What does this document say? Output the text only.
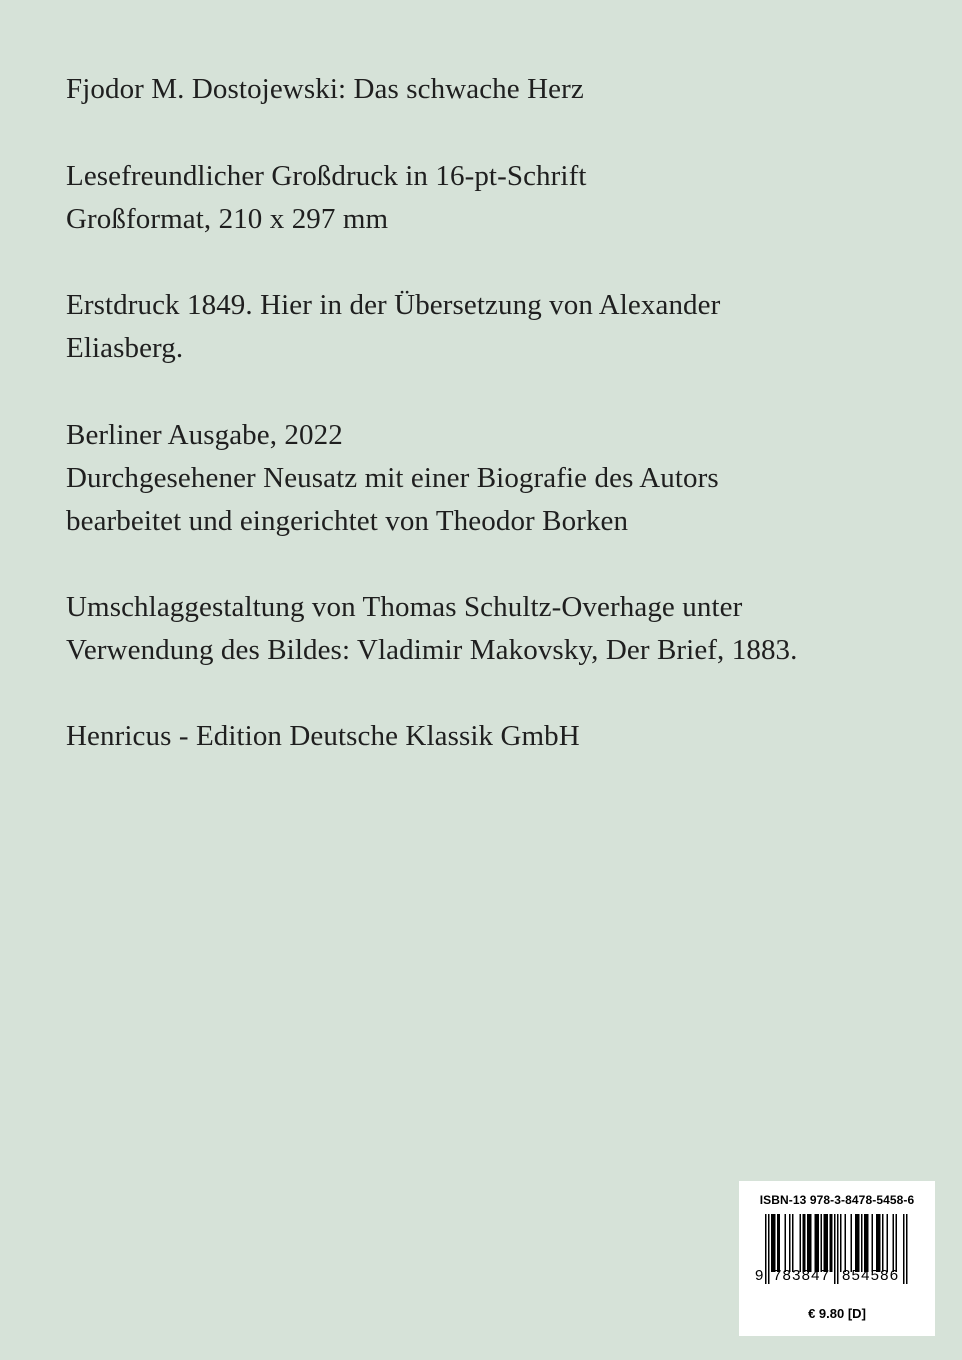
Fjodor M. Dostojewski: Das schwache Herz
Lesefreundlicher Großdruck in 16-pt-Schrift
Großformat, 210 x 297 mm
Erstdruck 1849. Hier in der Übersetzung von Alexander
Eliasberg.
Berliner Ausgabe, 2022
Durchgesehener Neusatz mit einer Biografie des Autors
bearbeitet und eingerichtet von Theodor Borken
Umschlaggestaltung von Thomas Schultz-Overhage unter
Verwendung des Bildes: Vladimir Makovsky, Der Brief, 1883.
Henricus - Edition Deutsche Klassik GmbH
ISBN-13 978-3-8478-5458-6
9 783847 854586
€ 9.80 [D]
